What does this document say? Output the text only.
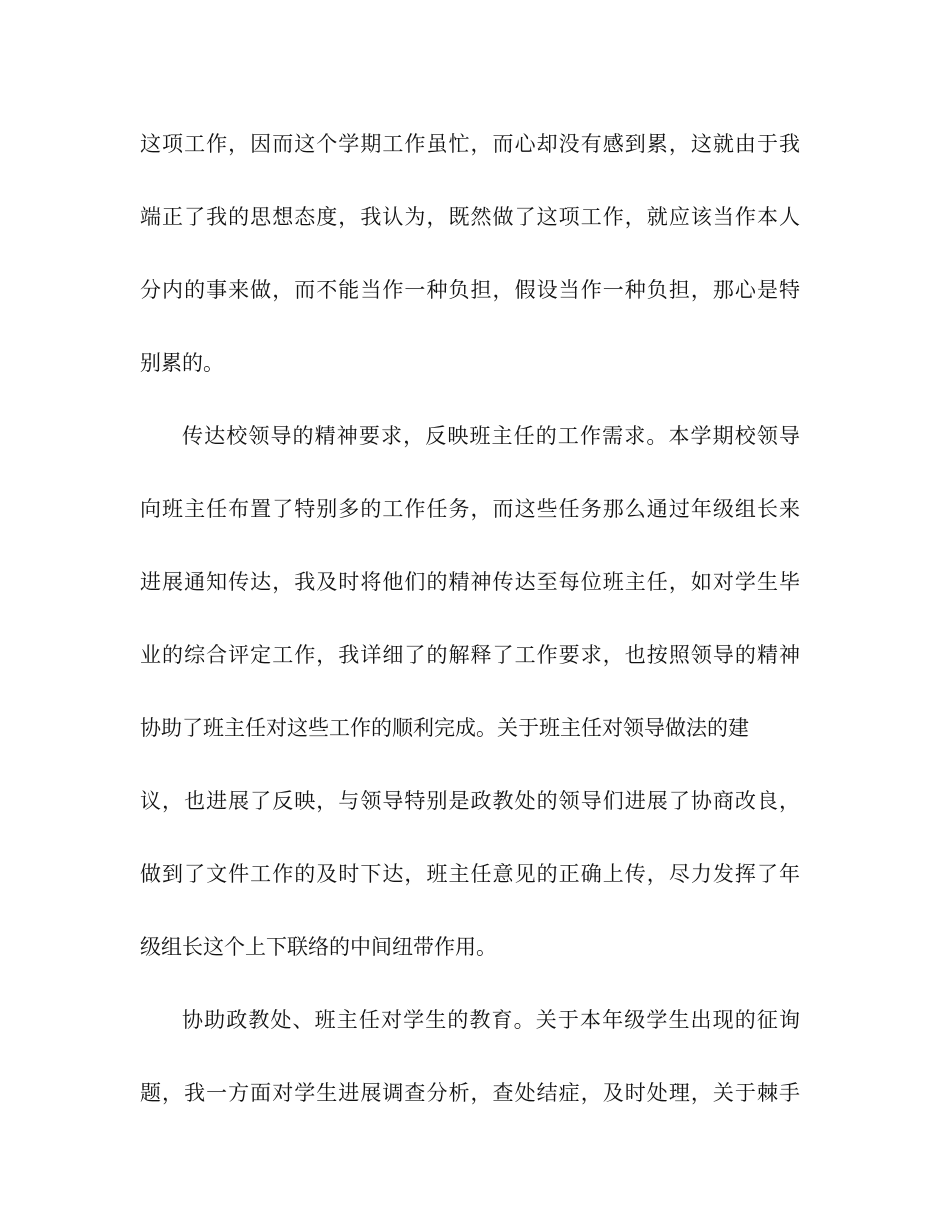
这项工作，因而这个学期工作虽忙，而心却没有感到累，这就由于我
端正了我的思想态度，我认为，既然做了这项工作，就应该当作本人
分内的事来做，而不能当作一种负担，假设当作一种负担，那心是特
别累的。
传达校领导的精神要求，反映班主任的工作需求。本学期校领导
向班主任布置了特别多的工作任务，而这些任务那么通过年级组长来
进展通知传达，我及时将他们的精神传达至每位班主任，如对学生毕
业的综合评定工作，我详细了的解释了工作要求，也按照领导的精神
协助了班主任对这些工作的顺利完成。关于班主任对领导做法的建
议，也进展了反映，与领导特别是政教处的领导们进展了协商改良，
做到了文件工作的及时下达，班主任意见的正确上传，尽力发挥了年
级组长这个上下联络的中间纽带作用。
协助政教处、班主任对学生的教育。关于本年级学生出现的征询
题，我一方面对学生进展调查分析，查处结症，及时处理，关于棘手
